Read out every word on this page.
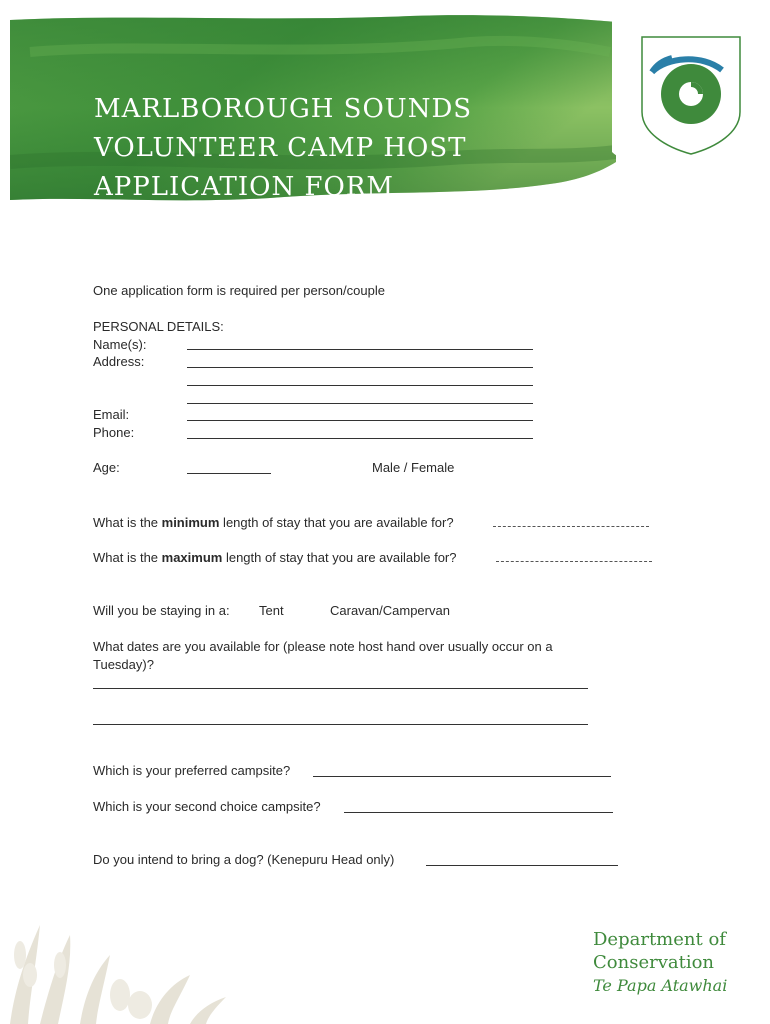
MARLBOROUGH SOUNDS
VOLUNTEER CAMP HOST
APPLICATION FORM
One application form is required per person/couple
PERSONAL DETAILS:
Name(s):
Address:
Email:
Phone:
Age:	Male / Female
What is the minimum length of stay that you are available for?
What is the maximum length of stay that you are available for?
Will you be staying in a: Tent	Caravan/Campervan
What dates are you available for (please note host hand over usually occur on a
Tuesday)?
Which is your preferred campsite?
Which is your second choice campsite?
Do you intend to bring a dog? (Kenepuru Head only)
Department of
Conservation
Te Papa Atawhai
